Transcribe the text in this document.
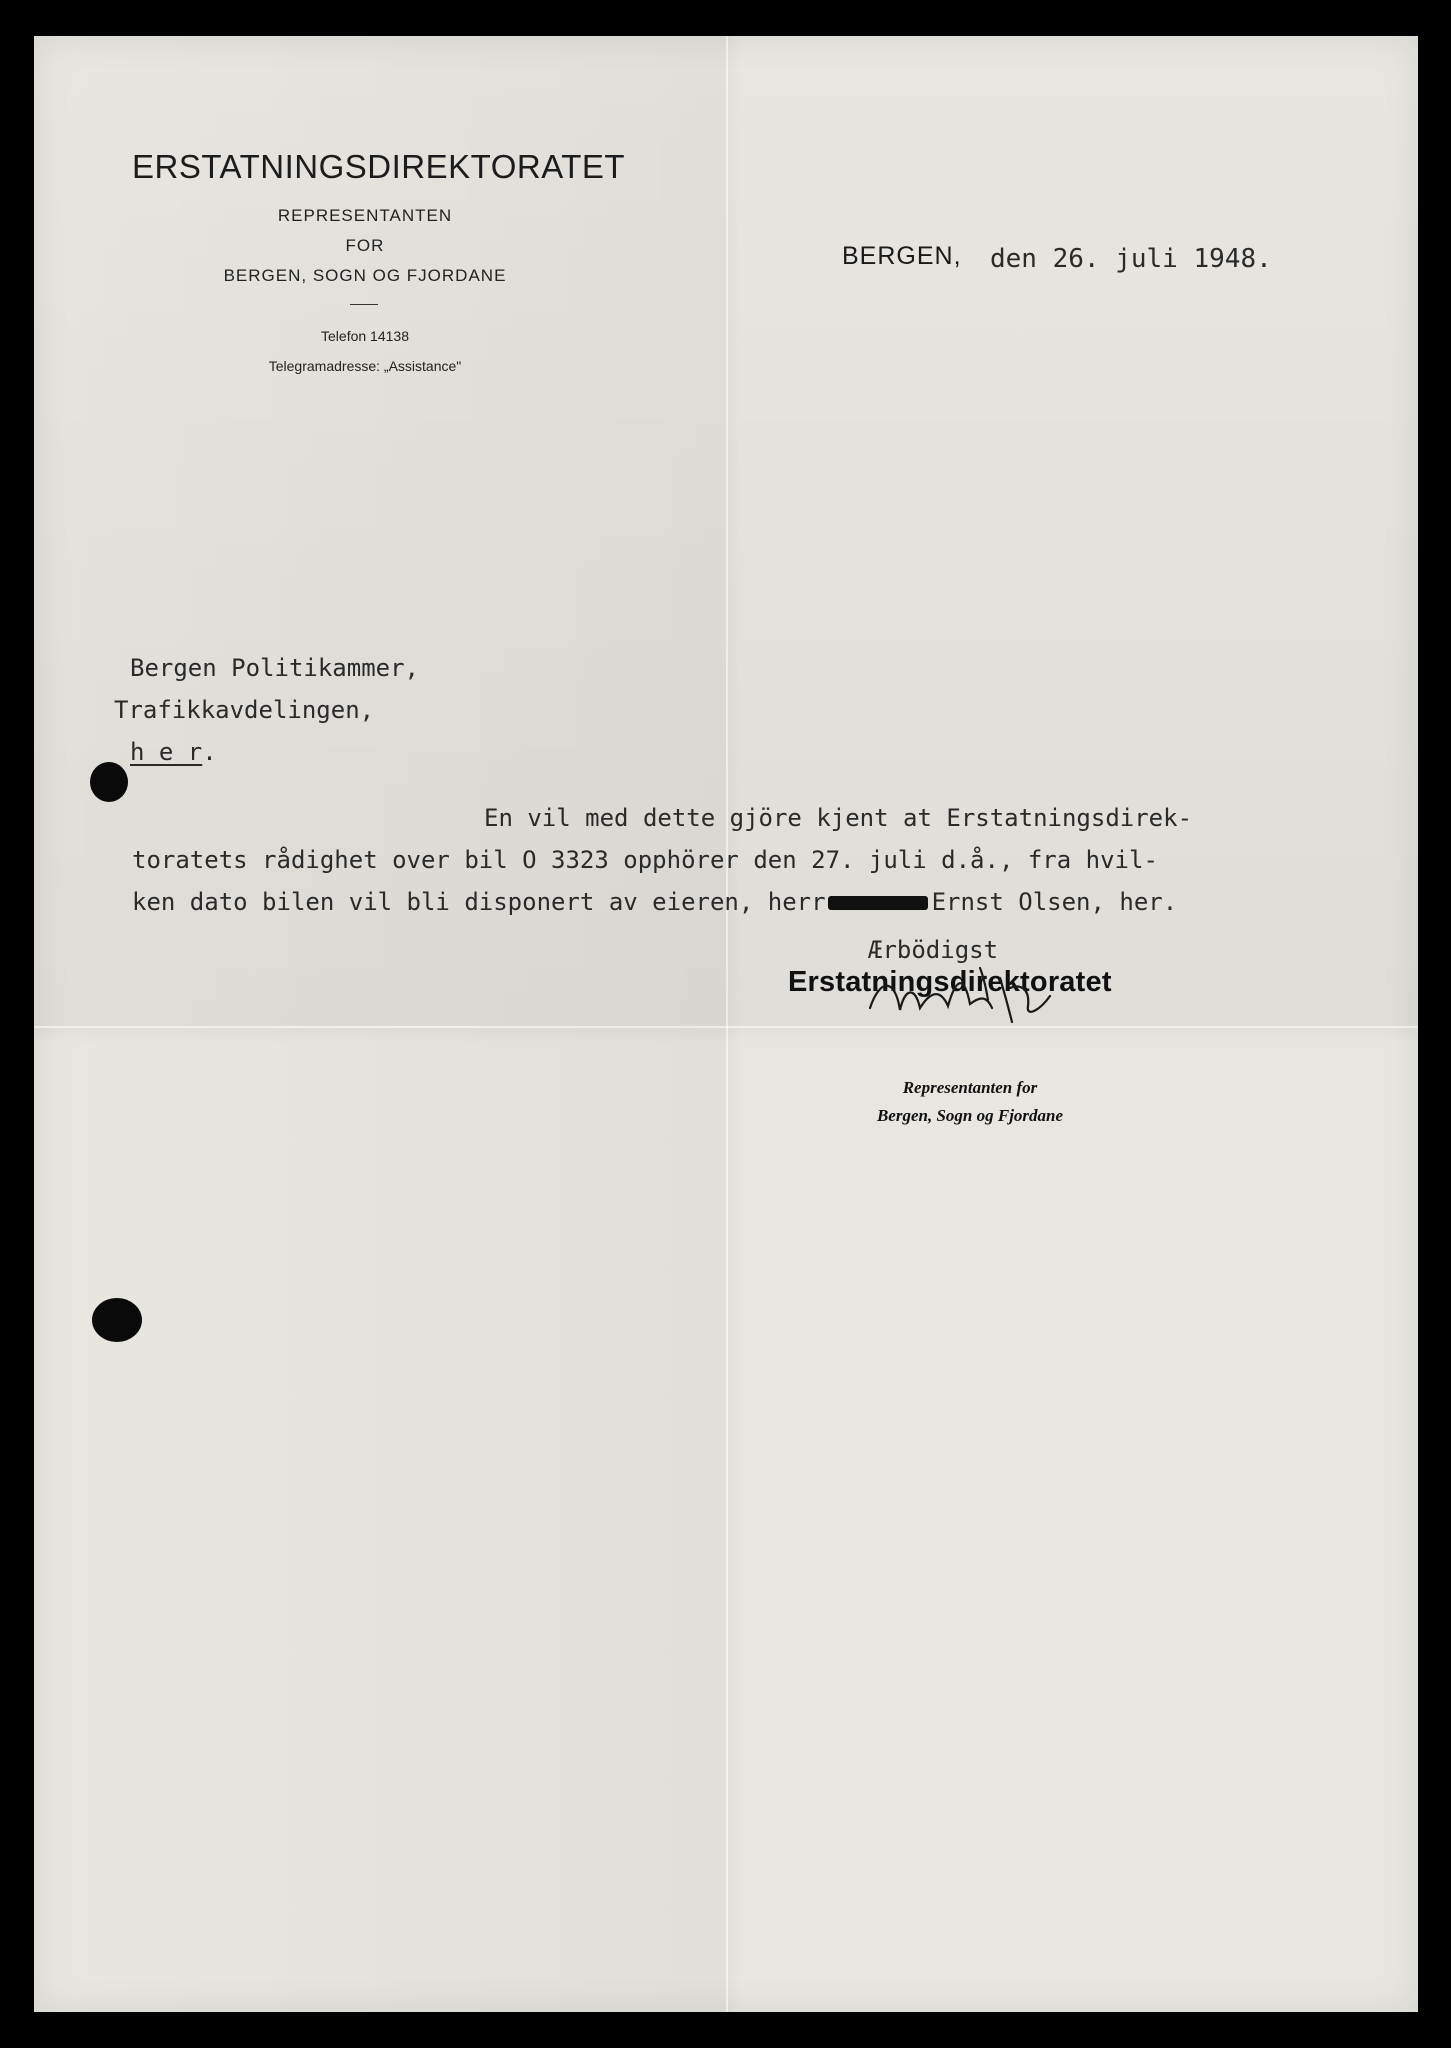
ERSTATNINGSDIREKTORATET
REPRESENTANTEN
FOR
BERGEN, SOGN OG FJORDANE
Telefon 14138
Telegramadresse: „Assistance"
BERGEN, den 26. juli 1948.
Bergen Politikammer,
Trafikkavdelingen,
h e r.
En vil med dette gjöre kjent at Erstatningsdirek-
toratets rådighet over bil O 3323 opphörer den 27. juli d.å., fra hvil-
ken dato bilen vil bli disponert av eieren, herr	Ernst Olsen, her.
Ærbödigst
Erstatningsdirektoratet
Representanten for
Bergen, Sogn og Fjordane
